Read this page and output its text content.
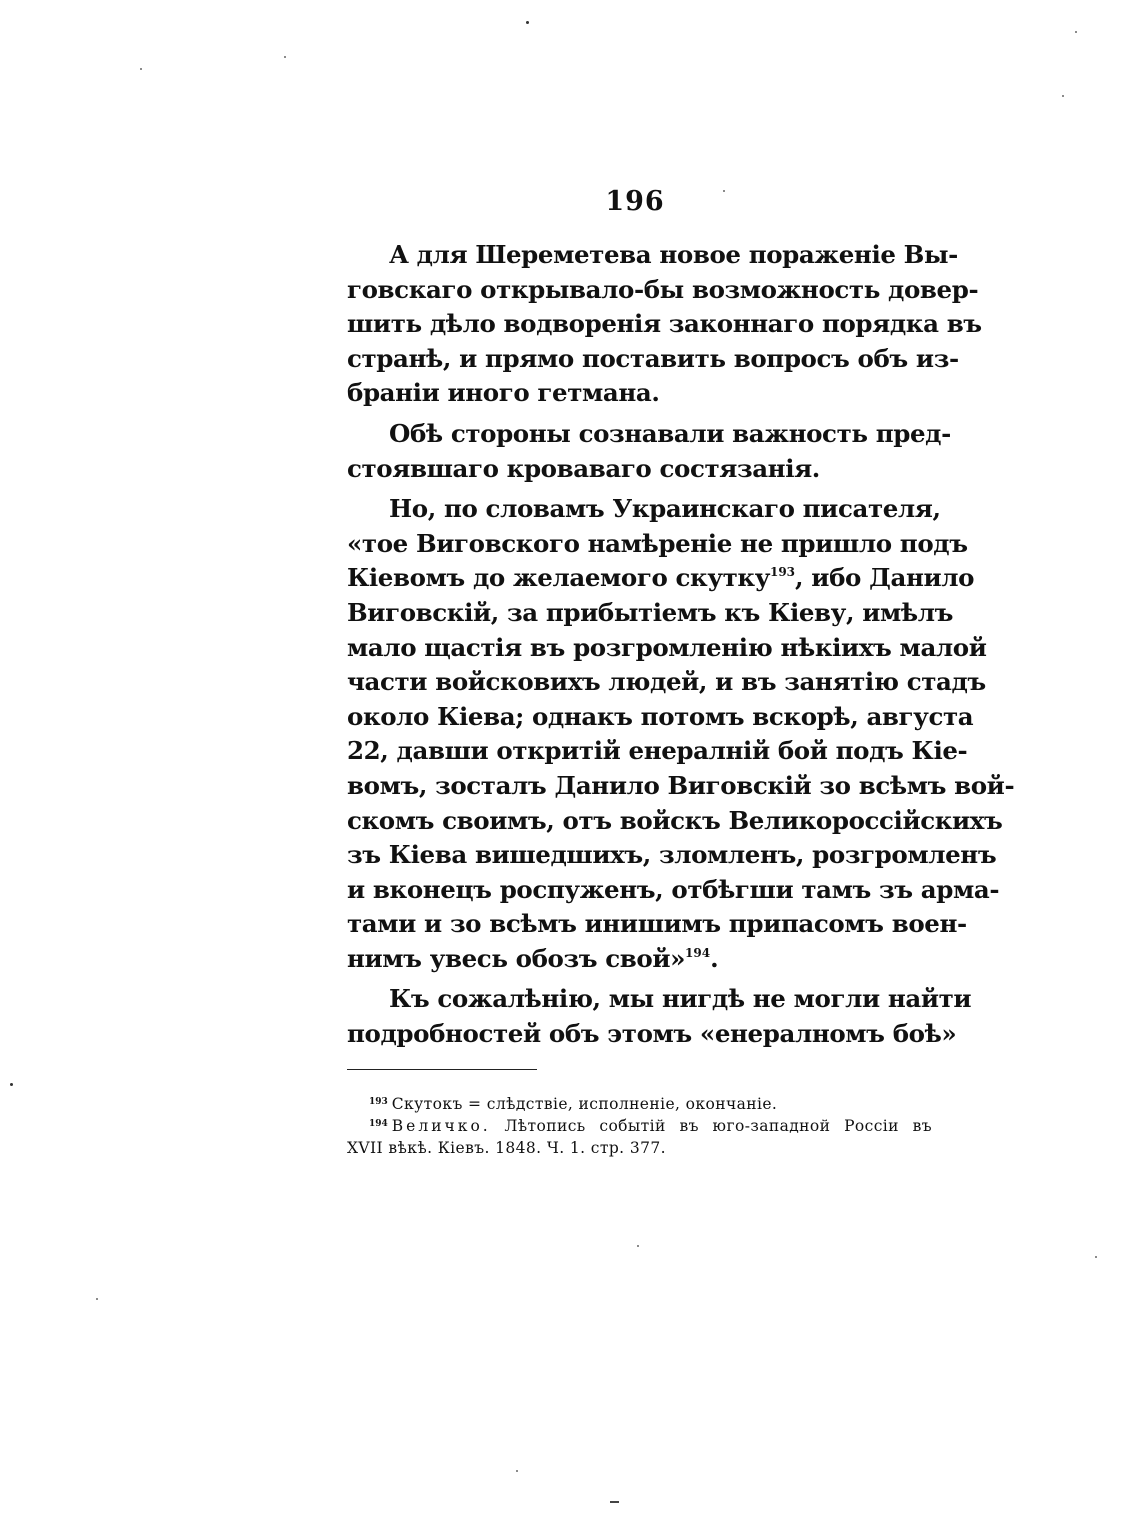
196
А для Шереметева новое пораженіе Вы-
говскаго открывало-бы возможность довер-
шить дѣло водворенія законнаго порядка въ
странѣ, и прямо поставить вопросъ объ из-
браніи иного гетмана.
Обѣ стороны сознавали важность пред-
стоявшаго кроваваго состязанія.
Но, по словамъ Украинскаго писателя,
«тое Виговского намѣреніе не пришло подъ
Кіевомъ до желаемого скутку$^{193}$, ибо Данило
Виговскій, за прибытіемъ къ Кіеву, имѣлъ
мало щастія въ розгромленію нѣкіихъ малой
части войсковихъ людей, и въ занятію стадъ
около Кіева; однакъ потомъ вскорѣ, августа
22, давши откритій енералній бой подъ Кіе-
вомъ, зосталъ Данило Виговскій зо всѣмъ вой-
скомъ своимъ, отъ войскъ Великороссійскихъ
зъ Кіева вишедшихъ, зломленъ, розгромленъ
и вконецъ роспуженъ, отбѣгши тамъ зъ арма-
тами и зо всѣмъ инишимъ припасомъ воен-
нимъ увесь обозъ свой»$^{194}$.
Къ сожалѣнію, мы нигдѣ не могли найти
подробностей объ этомъ «енералномъ боѣ»
$^{193}$ Скутокъ = слѣдствіе, исполненіе, окончаніе.
$^{194}$ Величко. Лѣтопись событій въ юго-западной Россіи въ
XVII вѣкѣ. Кіевъ. 1848. Ч. 1. стр. 377.
